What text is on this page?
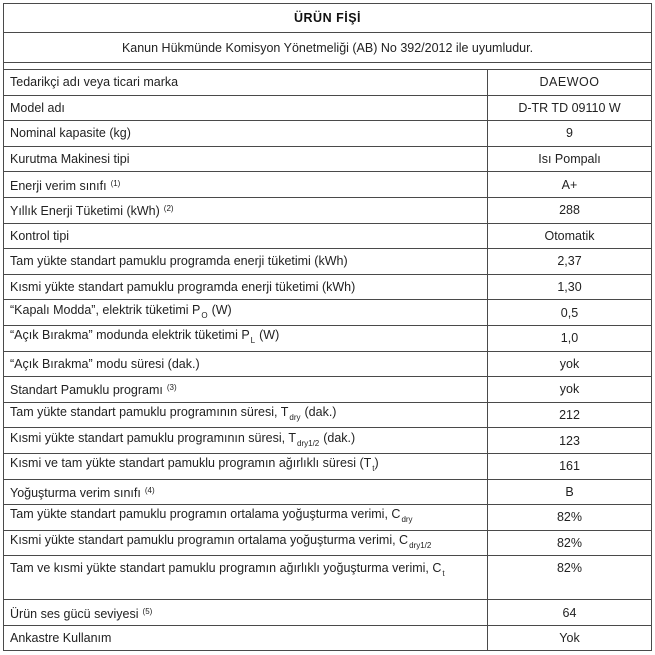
ÜRÜN FİŞİ	
Kanun Hükmünde Komisyon Yönetmeliği (AB) No 392/2012 ile uyumludur.	

Tedarikçi adı veya ticari marka	DAEWOO
Model adı	D-TR TD 09110 W
Nominal kapasite (kg)	9
Kurutma Makinesi tipi	Isı Pompalı
Enerji verim sınıfı $^{(1)}$	A+
Yıllık Enerji Tüketimi (kWh) $^{(2)}$	288
Kontrol tipi	Otomatik
Tam yükte standart pamuklu programda enerji tüketimi (kWh)	2,37
Kısmi yükte standart pamuklu programda enerji tüketimi (kWh)	1,30
“Kapalı Modda”, elektrik tüketimi $P_O$ (W)	0,5
“Açık Bırakma” modunda elektrik tüketimi $P_L$ (W)	1,0
“Açık Bırakma” modu süresi (dak.)	yok
Standart Pamuklu programı $^{(3)}$	yok
Tam yükte standart pamuklu programının süresi, $T_{dry}$ (dak.)	212
Kısmi yükte standart pamuklu programının süresi, $T_{dry1/2}$ (dak.)	123
Kısmi ve tam yükte standart pamuklu programın ağırlıklı süresi $(T_t)$	161
Yoğuşturma verim sınıfı $^{(4)}$	B
Tam yükte standart pamuklu programın ortalama yoğuşturma verimi, $C_{dry}$	82%
Kısmi yükte standart pamuklu programın ortalama yoğuşturma verimi, $C_{dry1/2}$	82%
Tam ve kısmi yükte standart pamuklu programın ağırlıklı yoğuşturma verimi, $C_t$	82%
Ürün ses gücü seviyesi $^{(5)}$	64
Ankastre Kullanım	Yok
